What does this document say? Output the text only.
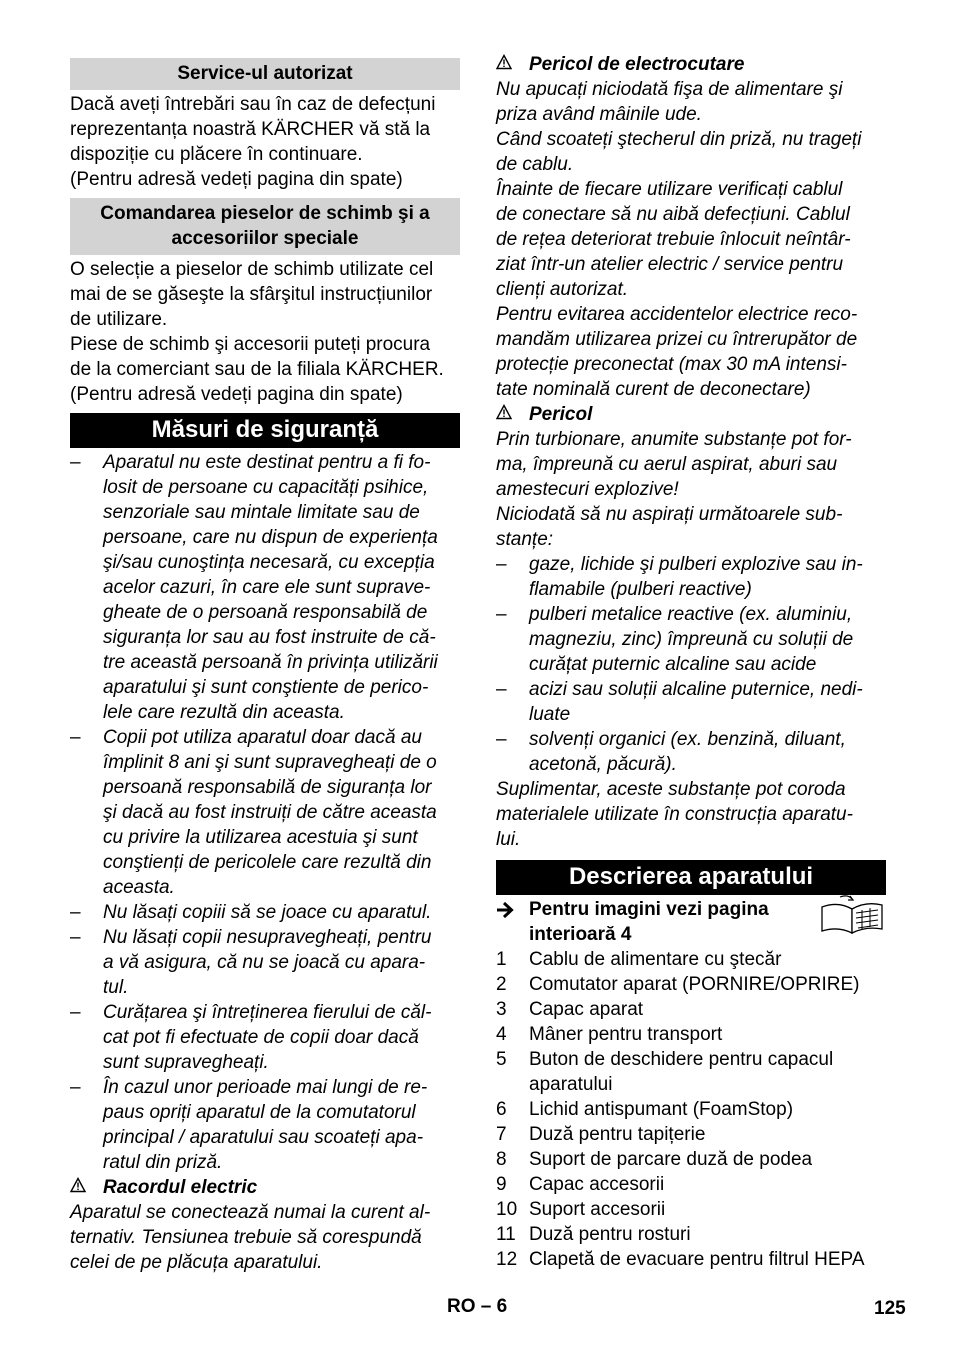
Service-ul autorizat

Dacă aveți întrebări sau în caz de defecțuni
reprezentanța noastră KÄRCHER vă stă la
dispoziție cu plăcere în continuare.
(Pentru adresă vedeți pagina din spate)

Comandarea pieselor de schimb şi a
accesoriilor speciale

O selecție a pieselor de schimb utilizate cel
mai de se găseşte la sfârşitul instrucțiunilor
de utilizare.
Piese de schimb şi accesorii puteți procura
de la comerciant sau de la filiala KÄRCHER.
(Pentru adresă vedeți pagina din spate)

Măsuri de siguranță
–	Aparatul nu este destinat pentru a fi fo-
losit de persoane cu capacități psihice,
senzoriale sau mintale limitate sau de
persoane, care nu dispun de experiența
şi/sau cunoştința necesară, cu excepția
acelor cazuri, în care ele sunt suprave-
gheate de o persoană responsabilă de
siguranța lor sau au fost instruite de că-
tre această persoană în privința utilizării
aparatului şi sunt conştiente de perico-
lele care rezultă din aceasta.
–	Copii pot utiliza aparatul doar dacă au
împlinit 8 ani şi sunt supravegheați de o
persoană responsabilă de siguranța lor
şi dacă au fost instruiți de către aceasta
cu privire la utilizarea acestuia şi sunt
conştienți de pericolele care rezultă din
aceasta.
–	Nu lăsați copiii să se joace cu aparatul.
–	Nu lăsați copii nesupravegheați, pentru
a vă asigura, că nu se joacă cu apara-
tul.
–	Curățarea şi întreținerea fierului de căl-
cat pot fi efectuate de copii doar dacă
sunt supravegheați.
–	În cazul unor perioade mai lungi de re-
paus opriți aparatul de la comutatorul
principal / aparatului sau scoateți apa-
ratul din priză.
Racordul electric

Aparatul se conectează numai la curent al-
ternativ. Tensiunea trebuie să corespundă
celei de pe plăcuța aparatului.

Pericol de electrocutare

Nu apucați niciodată fişa de alimentare şi
priza având mâinile ude.
Când scoateți ştecherul din priză, nu trageți
de cablu.
Înainte de fiecare utilizare verificați cablul
de conectare să nu aibă defecțiuni. Cablul
de rețea deteriorat trebuie înlocuit neîntâr-
ziat într-un atelier electric / service pentru
clienți autorizat.
Pentru evitarea accidentelor electrice reco-
mandăm utilizarea prizei cu întrerupător de
protecție preconectat (max 30 mA intensi-
tate nominală curent de deconectare)

Pericol

Prin turbionare, anumite substanțe pot for-
ma, împreună cu aerul aspirat, aburi sau
amestecuri explozive!
Niciodată să nu aspirați următoarele sub-
stanțe:

–	gaze, lichide şi pulberi explozive sau in-
flamabile (pulberi reactive)
–	pulberi metalice reactive (ex. aluminiu,
magneziu, zinc) împreună cu soluții de
curățat puternic alcaline sau acide
–	acizi sau soluții alcaline puternice, nedi-
luate
–	solvenți organici (ex. benzină, diluant,
acetonă, păcură).

Suplimentar, aceste substanțe pot coroda
materialele utilizate în construcția aparatu-
lui.

Descrierea aparatului
Pentru imagini vezi pagina
interioară 4
1	Cablu de alimentare cu ştecăr
2	Comutator aparat (PORNIRE/OPRIRE)
3	Capac aparat
4	Mâner pentru transport
5	Buton de deschidere pentru capacul
aparatului
6	Lichid antispumant (FoamStop)
7	Duză pentru tapițerie
8	Suport de parcare duză de podea
9	Capac accesorii
10 Suport accesorii
11 Duză pentru rosturi
12 Clapetă de evacuare pentru filtrul HEPA
RO – 6	125
